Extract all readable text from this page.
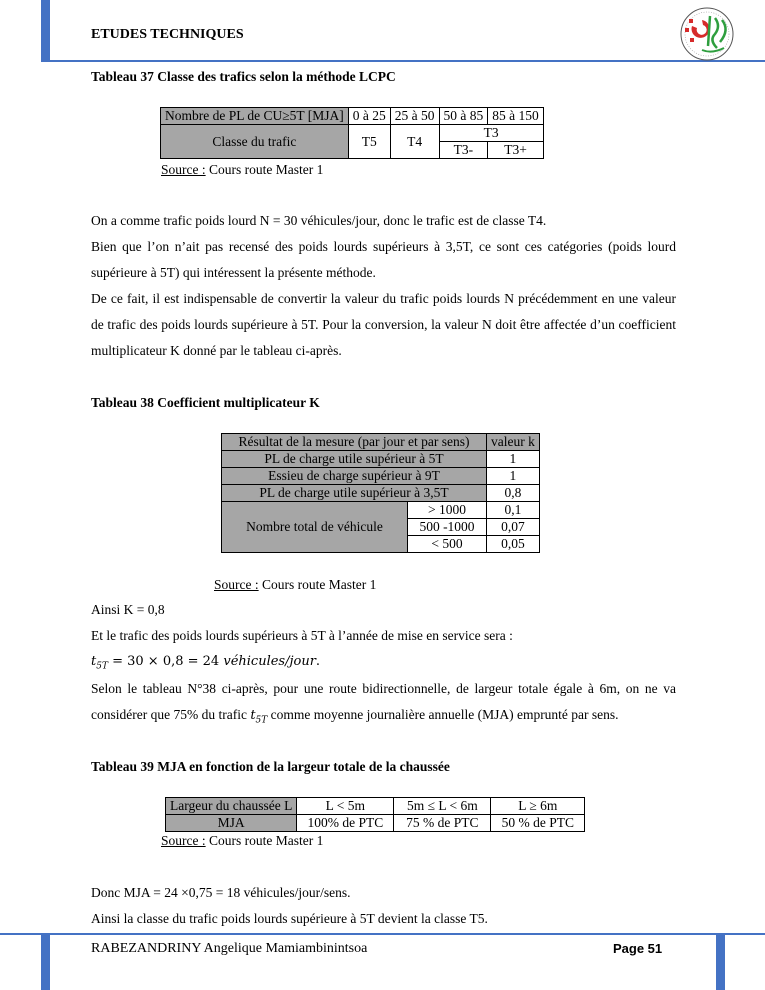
ETUDES TECHNIQUES
Tableau 37 Classe des trafics selon la méthode LCPC
Nombre de PL de CU≥5T [MJA]	0 à 25	25 à 50	50 à 85	85 à 150
Classe du trafic	T5	T4	T3	
			T3-	T3+
Source : Cours route Master 1
On a comme trafic poids lourd N = 30 véhicules/jour, donc le trafic est de classe T4.
Bien que l’on n’ait pas recensé des poids lourds supérieurs à 3,5T, ce sont ces catégories (poids lourd supérieure à 5T) qui intéressent la présente méthode.
De ce fait, il est indispensable de convertir la valeur du trafic poids lourds N précédemment en une valeur de trafic des poids lourds supérieure à 5T. Pour la conversion, la valeur N doit être affectée d’un coefficient multiplicateur K donné par le tableau ci-après.
Tableau 38 Coefficient multiplicateur K
Résultat de la mesure (par jour et par sens)		valeur k
PL de charge utile supérieur à 5T		1
Essieu de charge supérieur à 9T		1
PL de charge utile supérieur à 3,5T		0,8
Nombre total de véhicule	> 1000	0,1
	500 -1000	0,07
	< 500	0,05
Source : Cours route Master 1
Ainsi K = 0,8
Et le trafic des poids lourds supérieurs à 5T à l’année de mise en service sera :
$t_{5T} = 30 \times 0,8 = 24$ véhicules/jour.
Selon le tableau N°38 ci-après, pour une route bidirectionnelle, de largeur totale égale à 6m, on ne va considérer que 75% du trafic $t_{5T}$ comme moyenne journalière annuelle (MJA) emprunté par sens.
Tableau 39 MJA en fonction de la largeur totale de la chaussée
Largeur du chaussée L	L < 5m	5m ≤ L < 6m	L ≥ 6m
MJA	100% de PTC	75 % de PTC	50 % de PTC
Source : Cours route Master 1
Donc MJA = 24 ×0,75 = 18 véhicules/jour/sens.
Ainsi la classe du trafic poids lourds supérieure à 5T devient la classe T5.
RABEZANDRINY Angelique Mamiambinintsoa	Page 51
